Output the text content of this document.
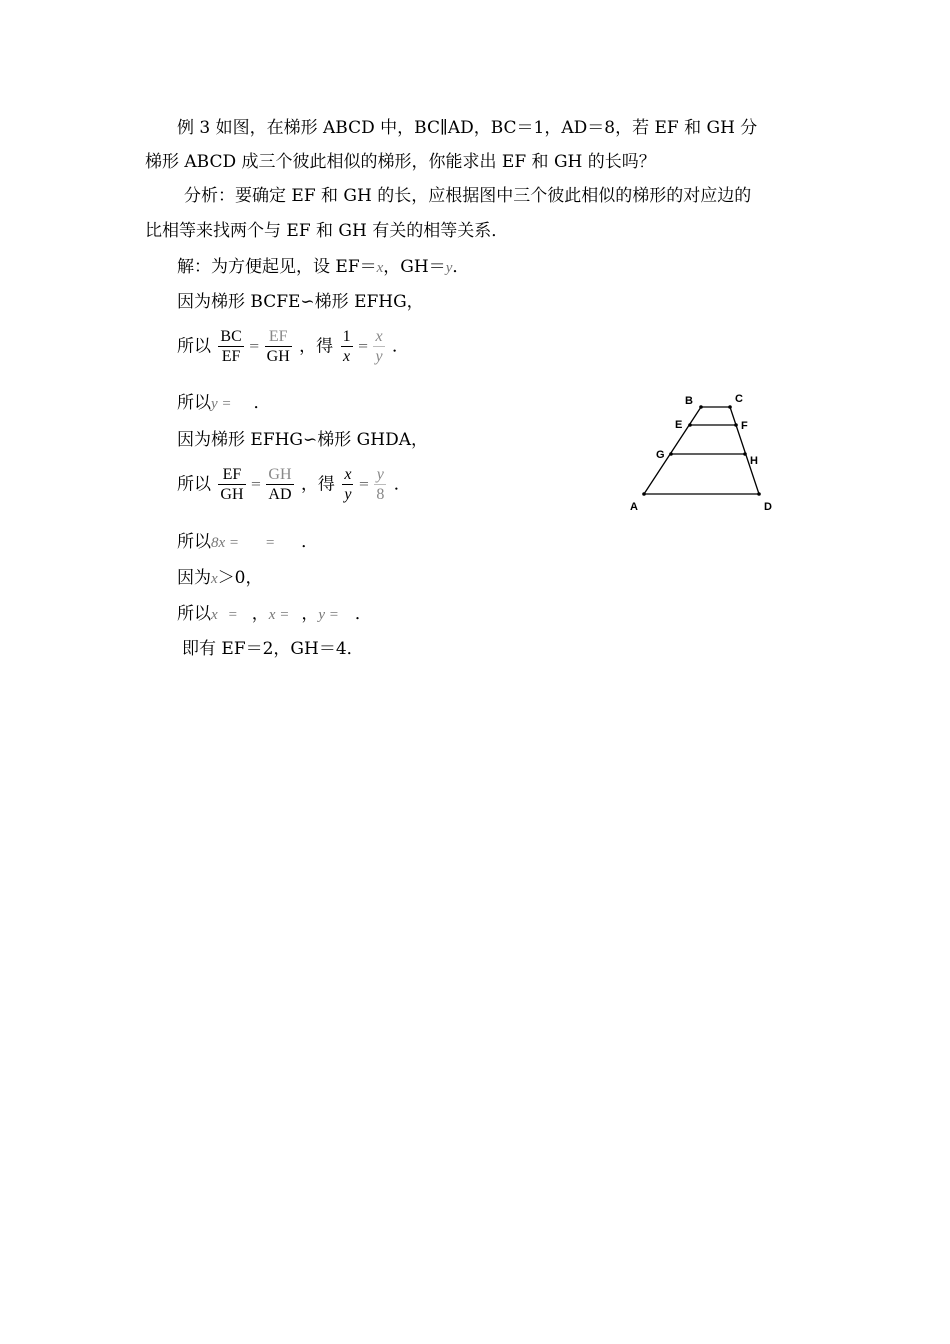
例 3 如图，在梯形 ABCD 中，BC∥AD，BC＝1，AD＝8，若 EF 和 GH 分
梯形 ABCD 成三个彼此相似的梯形，你能求出 EF 和 GH 的长吗？
分析：要确定 EF 和 GH 的长，应根据图中三个彼此相似的梯形的对应边的
比相等来找两个与 EF 和 GH 有关的相等关系．
解：为方便起见，设 EF＝x，GH＝y．
因为梯形 BCFE∽梯形 EFHG，
所以 $\frac{BC}{EF} = \frac{EF}{GH}$ ，得 $\frac{1}{x} = \frac{x}{y}$ ．
所以y = ．
因为梯形 EFHG∽梯形 GHDA，
所以 $\frac{EF}{GH} = \frac{GH}{AD}$ ，得 $\frac{x}{y} = \frac{y}{8}$ ．
所以8x = = ．
因为x＞0，
所以x = ，x = ，y = ．
即有 EF＝2，GH＝4．
B	C
E	F
G	H
A	D
